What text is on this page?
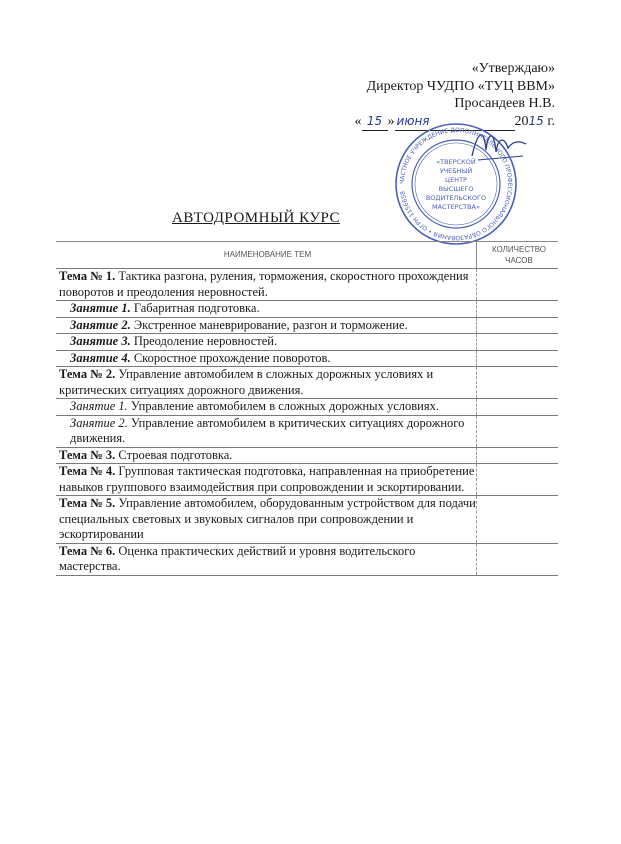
«Утверждаю»
Директор ЧУДПО «ТУЦ ВВМ»
Просандеев Н.В.
« 15 » июня	2015 г.
ЧАСТНОЕ УЧРЕЖДЕНИЕ ДОПОЛНИТЕЛЬНОГО ПРОФЕССИОНАЛЬНОГО ОБРАЗОВАНИЯ • ОГРН 1156658
«ТВЕРСКОЙ
УЧЕБНЫЙ
ЦЕНТР
ВЫСШЕГО
ВОДИТЕЛЬСКОГО
МАСТЕРСТВА»
АВТОДРОМНЫЙ КУРС
НАИМЕНОВАНИЕ ТЕМ	КОЛИЧЕСТВО
ЧАСОВ
Тема № 1. Тактика разгона, руления, торможения, скоростного прохождения поворотов и преодоления неровностей.	
Занятие 1. Габаритная подготовка.	
Занятие 2. Экстренное маневрирование, разгон и торможение.	
Занятие 3. Преодоление неровностей.	
Занятие 4. Скоростное прохождение поворотов.	
Тема № 2. Управление автомобилем в сложных дорожных условиях и критических ситуациях дорожного движения.	
Занятие 1. Управление автомобилем в сложных дорожных условиях.	
Занятие 2. Управление автомобилем в критических ситуациях дорожного движения.	
Тема № 3. Строевая подготовка.	
Тема № 4. Групповая тактическая подготовка, направленная на приобретение навыков группового взаимодействия при сопровождении и эскортировании.	
Тема № 5. Управление автомобилем, оборудованным устройством для подачи специальных световых и звуковых сигналов при сопровождении и эскортировании	
Тема № 6. Оценка практических действий и уровня водительского мастерства.	
